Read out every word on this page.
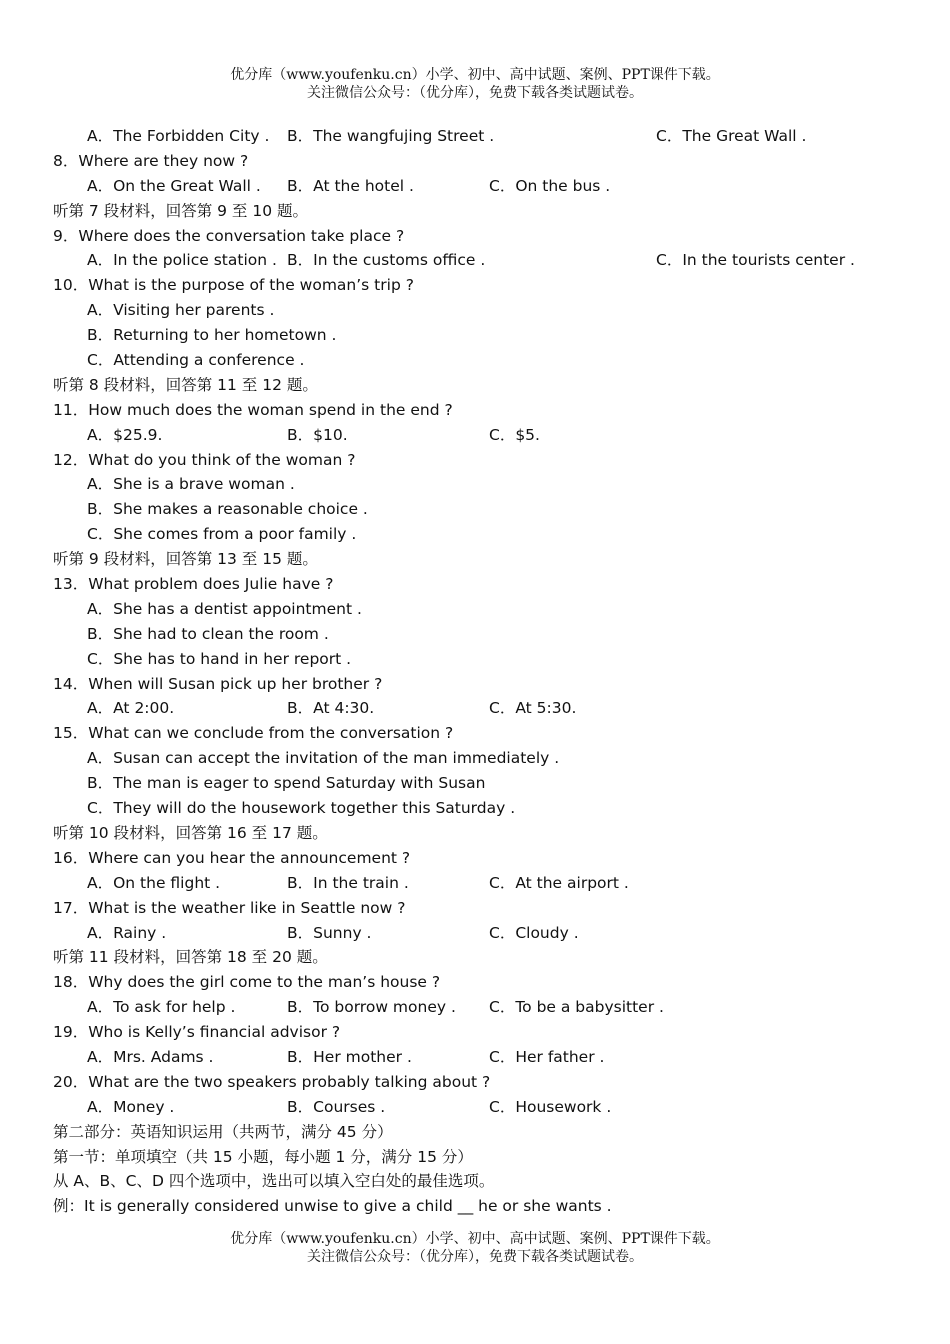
优分库（www.youfenku.cn）小学、初中、高中试题、案例、PPT课件下载。
关注微信公众号：（优分库），免费下载各类试题试卷。
A．The Forbidden City . B．The wangfujing Street .	C．The Great Wall .
8．Where are they now ?
A．On the Great Wall . B．At the hotel .	C．On the bus .
听第 7 段材料，回答第 9 至 10 题。
9．Where does the conversation take place ?
A．In the police station . B．In the customs office .	C．In the tourists center .
10．What is the purpose of the woman’s trip ?
A．Visiting her parents .
B．Returning to her hometown .
C．Attending a conference .
听第 8 段材料，回答第 11 至 12 题。
11．How much does the woman spend in the end ?
A．$25.9.	B．$10.	C．$5.
12．What do you think of the woman ?
A．She is a brave woman .
B．She makes a reasonable choice .
C．She comes from a poor family .
听第 9 段材料，回答第 13 至 15 题。
13．What problem does Julie have ?
A．She has a dentist appointment .
B．She had to clean the room .
C．She has to hand in her report .
14．When will Susan pick up her brother ?
A．At 2:00.	B．At 4:30.	C．At 5:30.
15．What can we conclude from the conversation ?
A．Susan can accept the invitation of the man immediately .
B．The man is eager to spend Saturday with Susan
C．They will do the housework together this Saturday .
听第 10 段材料，回答第 16 至 17 题。
16．Where can you hear the announcement ?
A．On the flight .	B．In the train .	C．At the airport .
17．What is the weather like in Seattle now ?
A．Rainy .	B．Sunny .	C．Cloudy .
听第 11 段材料，回答第 18 至 20 题。
18．Why does the girl come to the man’s house ?
A．To ask for help .	B．To borrow money . C．To be a babysitter .
19．Who is Kelly’s financial advisor ?
A．Mrs. Adams .	B．Her mother .	C．Her father .
20．What are the two speakers probably talking about ?
A．Money .	B．Courses .	C．Housework .
第二部分：英语知识运用（共两节，满分 45 分）
第一节：单项填空（共 15 小题，每小题 1 分，满分 15 分）
从 A、B、C、D 四个选项中，选出可以填入空白处的最佳选项。
例：It is generally considered unwise to give a child __ he or she wants .
优分库（www.youfenku.cn）小学、初中、高中试题、案例、PPT课件下载。
关注微信公众号：（优分库），免费下载各类试题试卷。
